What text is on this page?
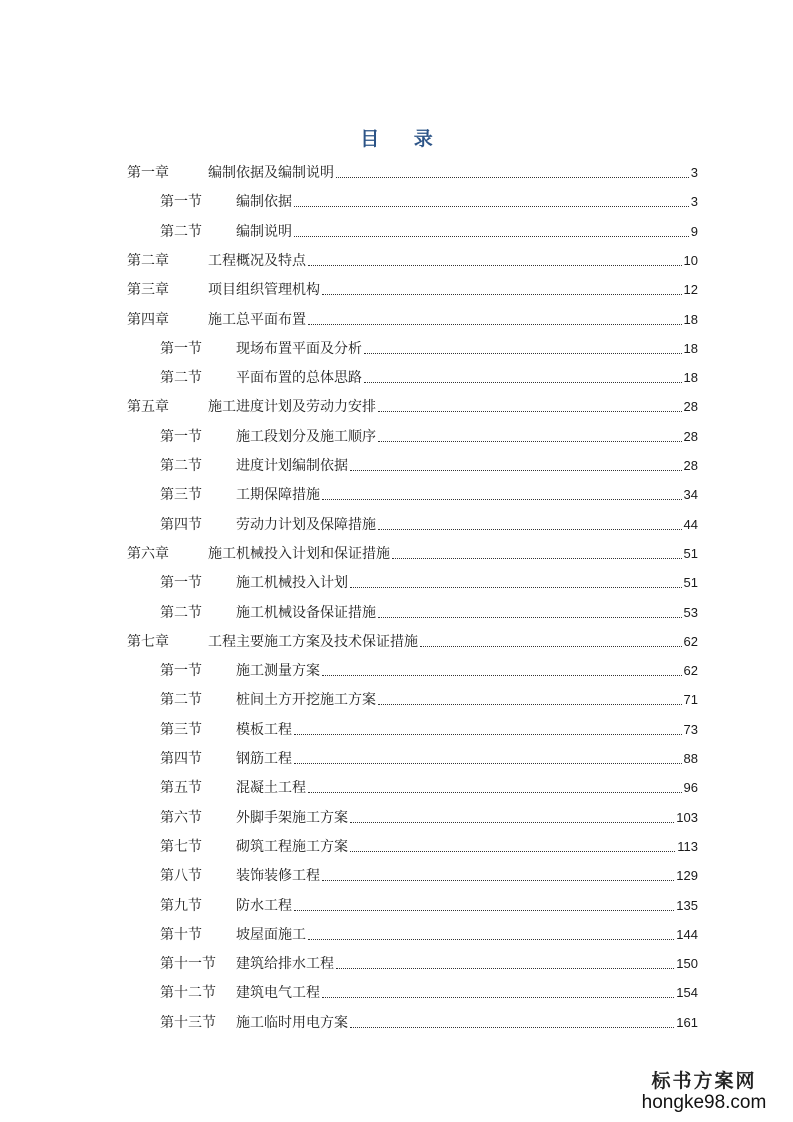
目 录
第一章	编制依据及编制说明	3
第一节	编制依据	3
第二节	编制说明	9
第二章	工程概况及特点	10
第三章	项目组织管理机构	12
第四章	施工总平面布置	18
第一节	现场布置平面及分析	18
第二节	平面布置的总体思路	18
第五章	施工进度计划及劳动力安排	28
第一节	施工段划分及施工顺序	28
第二节	进度计划编制依据	28
第三节	工期保障措施	34
第四节	劳动力计划及保障措施	44
第六章	施工机械投入计划和保证措施	51
第一节	施工机械投入计划	51
第二节	施工机械设备保证措施	53
第七章	工程主要施工方案及技术保证措施	62
第一节	施工测量方案	62
第二节	桩间土方开挖施工方案	71
第三节	模板工程	73
第四节	钢筋工程	88
第五节	混凝土工程	96
第六节	外脚手架施工方案	103
第七节	砌筑工程施工方案	113
第八节	装饰装修工程	129
第九节	防水工程	135
第十节	坡屋面施工	144
第十一节	建筑给排水工程	150
第十二节	建筑电气工程	154
第十三节	施工临时用电方案	161
标书方案网
hongke98.com
